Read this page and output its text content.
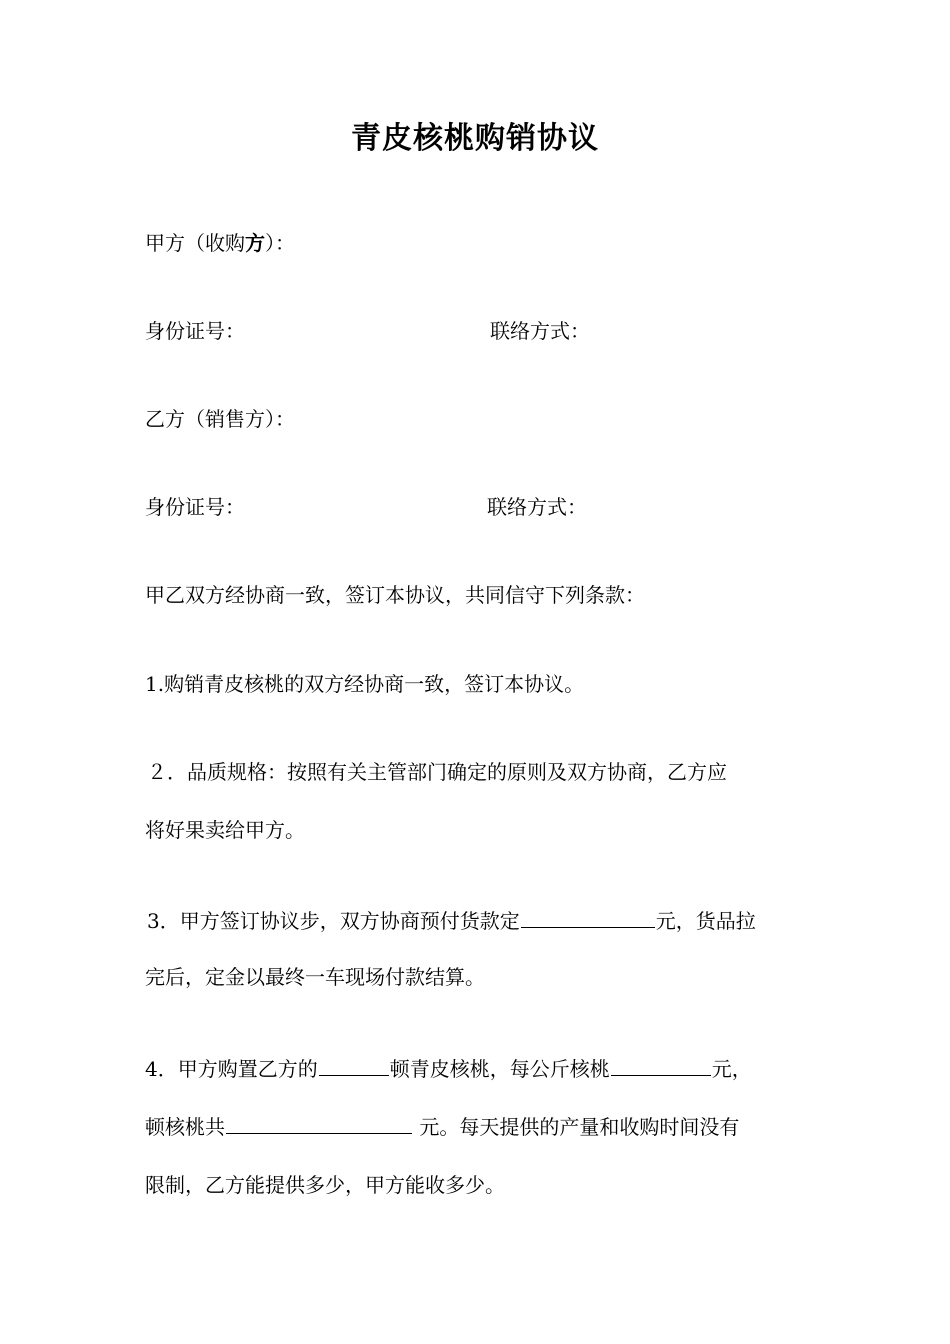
青皮核桃购销协议
甲方（收购方）：
身份证号：	联络方式：
乙方（销售方）：
身份证号：	联络方式：
甲乙双方经协商一致，签订本协议，共同信守下列条款：
1.购销青皮核桃的双方经协商一致，签订本协议。
２．品质规格：按照有关主管部门确定的原则及双方协商，乙方应
将好果卖给甲方。
3．甲方签订协议步，双方协商预付货款定	元，货品拉
完后，定金以最终一车现场付款结算。
4．甲方购置乙方的	顿青皮核桃，每公斤核桃	元，
顿核桃共	元。每天提供的产量和收购时间没有
限制，乙方能提供多少，甲方能收多少。
